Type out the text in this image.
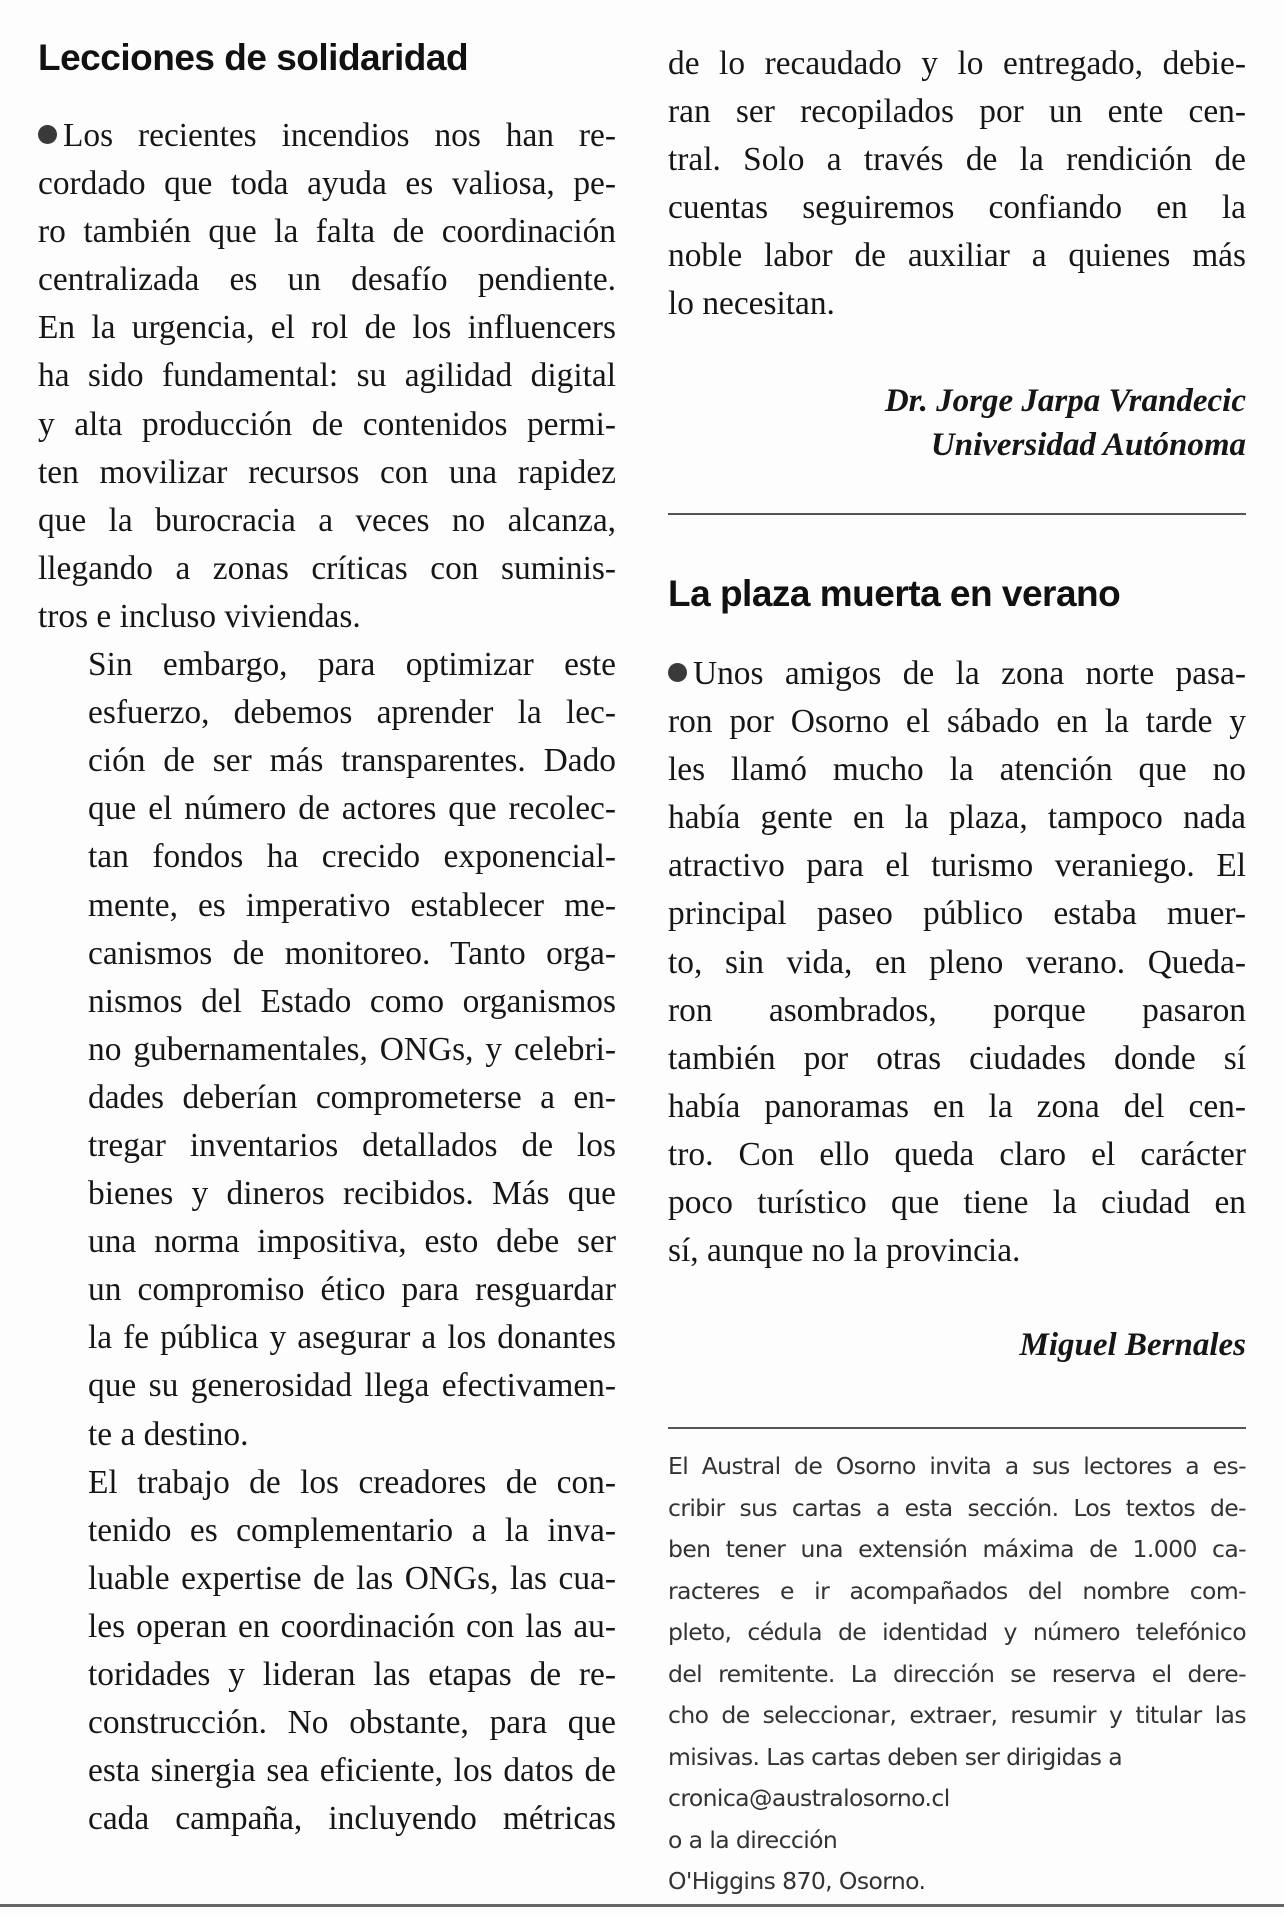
Lecciones de solidaridad

Los recientes incendios nos han re-
cordado que toda ayuda es valiosa, pe-
ro también que la falta de coordinación
centralizada es un desafío pendiente.
En la urgencia, el rol de los influencers
ha sido fundamental: su agilidad digital
y alta producción de contenidos permi-
ten movilizar recursos con una rapidez
que la burocracia a veces no alcanza,
llegando a zonas críticas con suminis-
tros e incluso viviendas.

Sin embargo, para optimizar este
esfuerzo, debemos aprender la lec-
ción de ser más transparentes. Dado
que el número de actores que recolec-
tan fondos ha crecido exponencial-
mente, es imperativo establecer me-
canismos de monitoreo. Tanto orga-
nismos del Estado como organismos
no gubernamentales, ONGs, y celebri-
dades deberían comprometerse a en-
tregar inventarios detallados de los
bienes y dineros recibidos. Más que
una norma impositiva, esto debe ser
un compromiso ético para resguardar
la fe pública y asegurar a los donantes
que su generosidad llega efectivamen-
te a destino.

El trabajo de los creadores de con-
tenido es complementario a la inva-
luable expertise de las ONGs, las cua-
les operan en coordinación con las au-
toridades y lideran las etapas de re-
construcción. No obstante, para que
esta sinergia sea eficiente, los datos de
cada campaña, incluyendo métricas

de lo recaudado y lo entregado, debie-
ran ser recopilados por un ente cen-
tral. Solo a través de la rendición de
cuentas seguiremos confiando en la
noble labor de auxiliar a quienes más
lo necesitan.

Dr. Jorge Jarpa Vrandecic

Universidad Autónoma

La plaza muerta en verano

Unos amigos de la zona norte pasa-
ron por Osorno el sábado en la tarde y
les llamó mucho la atención que no
había gente en la plaza, tampoco nada
atractivo para el turismo veraniego. El
principal paseo público estaba muer-
to, sin vida, en pleno verano. Queda-
ron asombrados, porque pasaron
también por otras ciudades donde sí
había panoramas en la zona del cen-
tro. Con ello queda claro el carácter
poco turístico que tiene la ciudad en
sí, aunque no la provincia.

Miguel Bernales

El Austral de Osorno invita a sus lectores a es-
cribir sus cartas a esta sección. Los textos de-
ben tener una extensión máxima de 1.000 ca-
racteres e ir acompañados del nombre com-
pleto, cédula de identidad y número telefónico
del remitente. La dirección se reserva el dere-
cho de seleccionar, extraer, resumir y titular las
misivas. Las cartas deben ser dirigidas a

cronica@australosorno.cl

o a la dirección

O'Higgins 870, Osorno.
